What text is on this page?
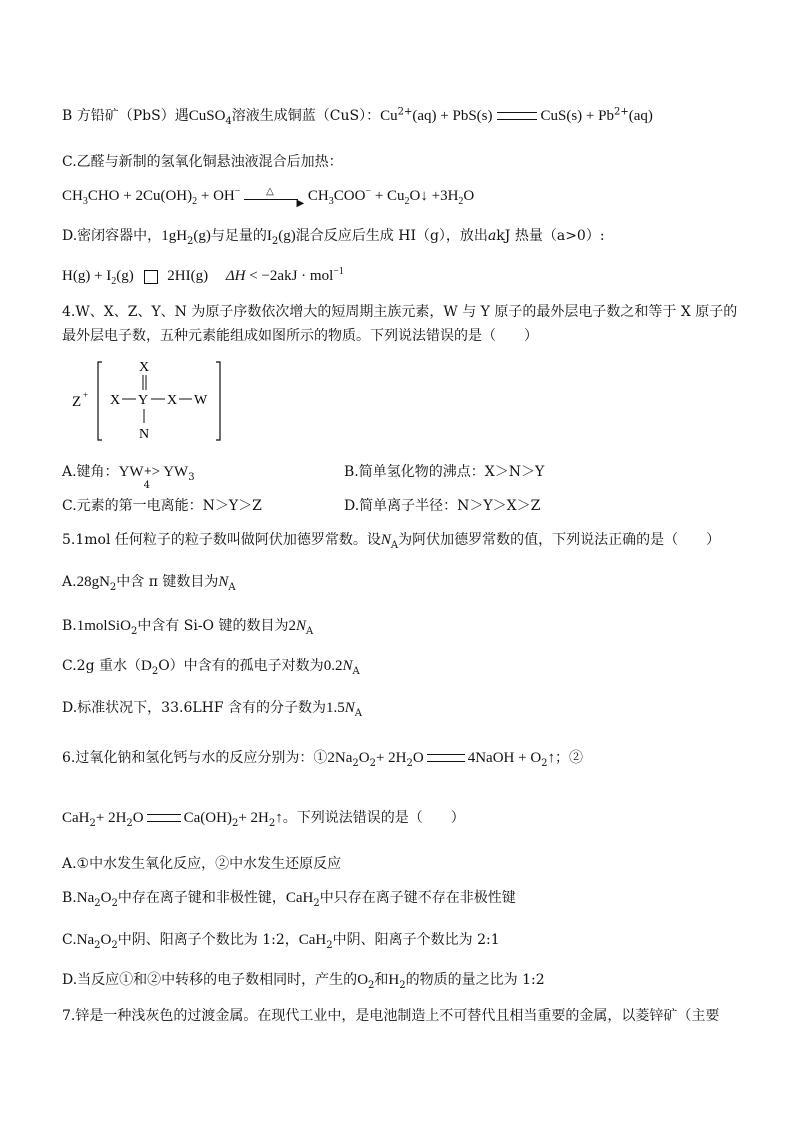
B 方铅矿（PbS）遇CuSO$_4$溶液生成铜蓝（CuS）：$Cu^{2+}(aq) + PbS(s)$	$CuS(s) + Pb^{2+}(aq)$
C.乙醛与新制的氢氧化铜悬浊液混合后加热：
$CH_3CHO + 2Cu(OH)_2 + OH^-$	△
▶ $CH_3COO^-$ + $Cu_2O↓ +3H_2O$
D.密闭容器中，$1gH_2(g)$与足量的$I_2(g)$混合反应后生成 HI（g），放出akJ 热量（a>0）:
$H(g) + I_2(g)$ 2HI(g) ΔH < −2akJ · mol$^{-1}$
4.W、X、Z、Y、N 为原子序数依次增大的短周期主族元素，W 与 Y 原子的最外层电子数之和等于 X 原子的
最外层电子数，五种元素能组成如图所示的物质。下列说法错误的是（　　）
Z +
X
X Y X W
N
A.键角：YW +
4
> $YW_3$	B.简单氢化物的沸点：X＞N＞Y
C.元素的第一电离能：N＞Y＞Z	D.简单离子半径：N＞Y＞X＞Z
5.1mol 任何粒子的粒子数叫做阿伏加德罗常数。设$N_A$为阿伏加德罗常数的值，下列说法正确的是（　　）
$A.28gN_2$中含 π 键数目为$N_A$
B.1molSiO$_2$中含有 Si-O 键的数目为$2N_A$
C.2g 重水$(D_2O)$中含有的孤电子对数为$0.2N_A$
D.标准状况下，33.6LHF 含有的分子数为$1.5N_A$
6.过氧化钠和氢化钙与水的反应分别为：$①2Na_2O_2+ 2H_2O$	4NaOH + $O_2↑$；②
$CaH_2+ 2H_2O$	$Ca(OH)_2+$ $2H_2↑$。下列说法错误的是（　　）
A.①中水发生氧化反应，②中水发生还原反应
$B.Na_2O_2$中存在离子键和非极性键，CaH$_2$中只存在离子键不存在非极性键
$C.Na_2O_2$中阴、阳离子个数比为 1:2，CaH$_2$中阴、阳离子个数比为 2:1
D.当反应①和②中转移的电子数相同时，产生的$O_2$和$H_2$的物质的量之比为 1:2
7.锌是一种浅灰色的过渡金属。在现代工业中，是电池制造上不可替代且相当重要的金属，以菱锌矿（主要
